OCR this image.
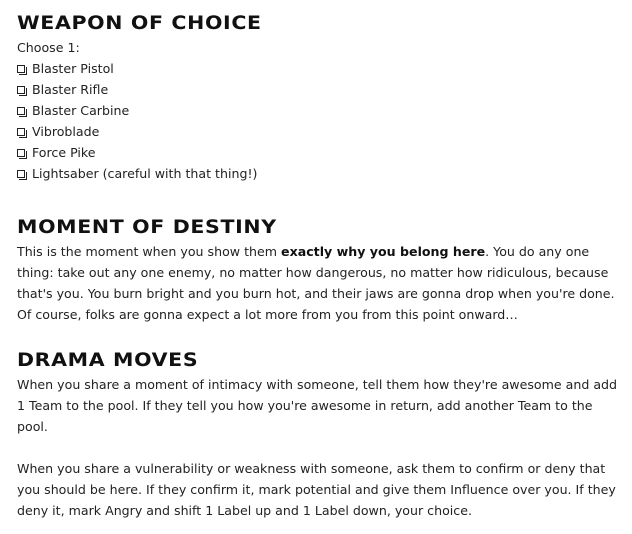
WEAPON OF CHOICE
Choose 1:
Blaster Pistol
Blaster Rifle
Blaster Carbine
Vibroblade
Force Pike
Lightsaber (careful with that thing!)
MOMENT OF DESTINY

This is the moment when you show them exactly why you belong here. You do any one thing: take out any one enemy, no matter how dangerous, no matter how ridiculous, because that's you. You burn bright and you burn hot, and their jaws are gonna drop when you're done. Of course, folks are gonna expect a lot more from you from this point onward…

DRAMA MOVES

When you share a moment of intimacy with someone, tell them how they're awesome and add 1 Team to the pool. If they tell you how you're awesome in return, add another Team to the pool.

When you share a vulnerability or weakness with someone, ask them to confirm or deny that you should be here. If they confirm it, mark potential and give them Influence over you. If they deny it, mark Angry and shift 1 Label up and 1 Label down, your choice.
